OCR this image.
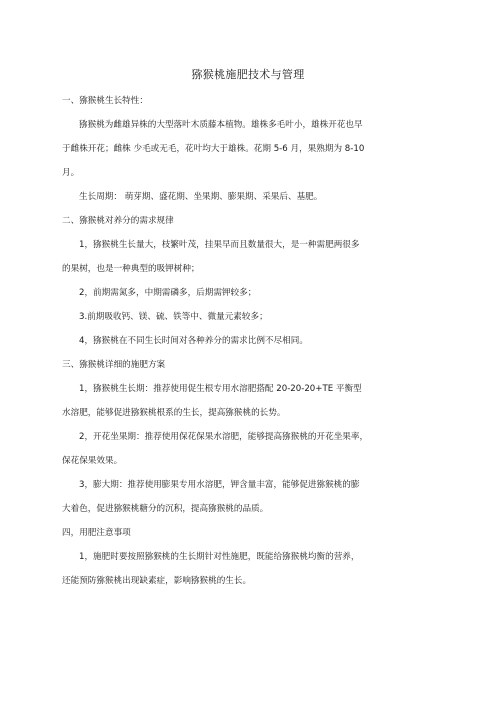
猕猴桃施肥技术与管理
一、猕猴桃生长特性：
猕猴桃为雌雄异株的大型落叶木质藤本植物。雄株多毛叶小，雄株开花也早
于雌株开花；雌株 少毛或无毛，花叶均大于雄株。花期 5-6 月，果熟期为 8-10
月。
生长周期： 萌芽期、盛花期、坐果期、膨果期、采果后、基肥。
二、猕猴桃对养分的需求规律
1，猕猴桃生长量大，枝繁叶茂，挂果早而且数量很大，是一种需肥两很多
的果树，也是一种典型的吸钾树种；
2，前期需氮多，中期需磷多，后期需钾较多；
3.前期吸收钙、镁、硫、铁等中、微量元素较多；
4，猕猴桃在不同生长时间对各种养分的需求比例不尽相同。
三、猕猴桃详细的施肥方案
1，猕猴桃生长期：推荐使用促生根专用水溶肥搭配 20-20-20+TE 平衡型
水溶肥，能够促进猕猴桃根系的生长，提高猕猴桃的长势。
2，开花坐果期：推荐使用保花保果水溶肥，能够提高猕猴桃的开花坐果率，
保花保果效果。
3，膨大期：推荐使用膨果专用水溶肥，钾含量丰富，能够促进猕猴桃的膨
大着色，促进猕猴桃糖分的沉积，提高猕猴桃的品质。
四，用肥注意事项
1，施肥时要按照猕猴桃的生长期针对性施肥，既能给猕猴桃均衡的营养，
还能预防猕猴桃出现缺素症，影响猕猴桃的生长。
